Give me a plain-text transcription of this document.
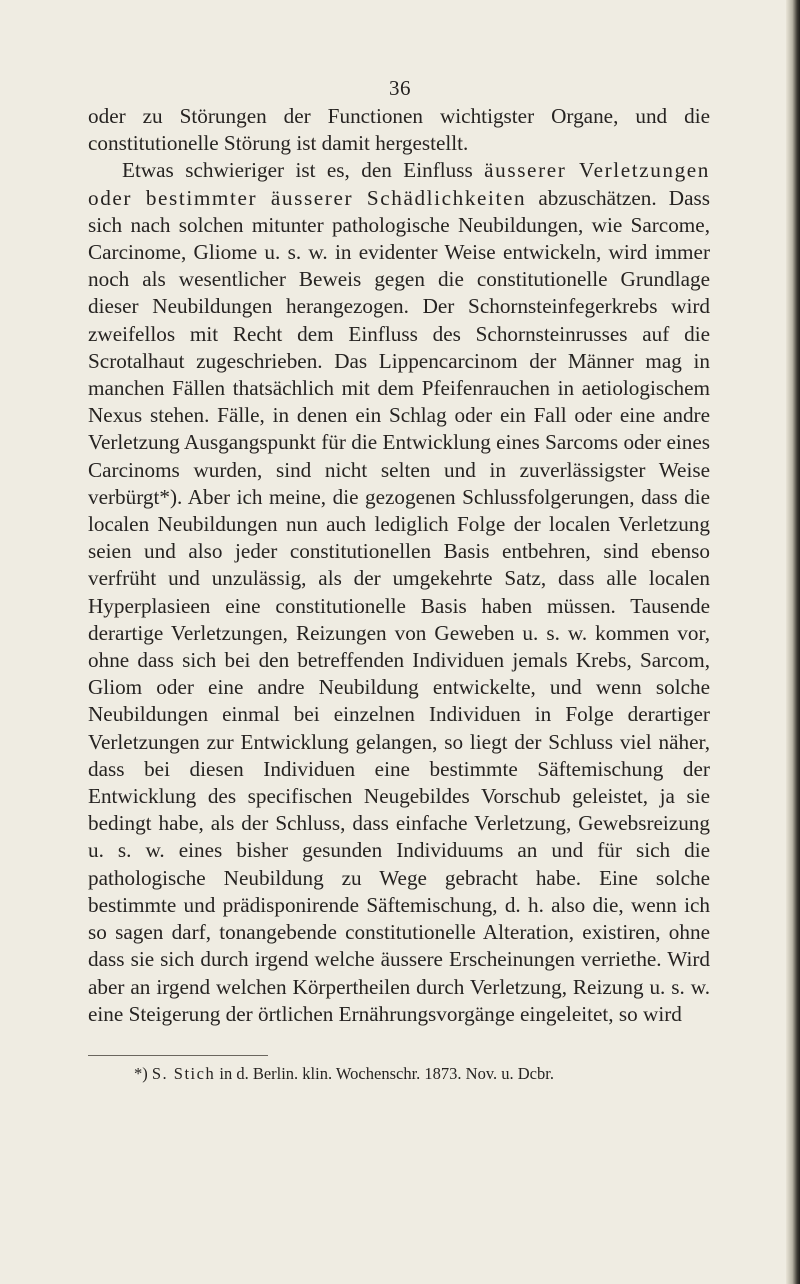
36

oder zu Störungen der Functionen wichtigster Organe, und die constitutionelle Störung ist damit hergestellt.

Etwas schwieriger ist es, den Einfluss äusserer Verletzungen oder bestimmter äusserer Schädlichkeiten abzuschätzen. Dass sich nach solchen mitunter pathologische Neubildungen, wie Sarcome, Carcinome, Gliome u. s. w. in evidenter Weise entwickeln, wird immer noch als wesentlicher Beweis gegen die constitutionelle Grundlage dieser Neubildungen herangezogen. Der Schornsteinfegerkrebs wird zweifellos mit Recht dem Einfluss des Schornsteinrusses auf die Scrotalhaut zugeschrieben. Das Lippencarcinom der Männer mag in manchen Fällen thatsächlich mit dem Pfeifenrauchen in aetiologischem Nexus stehen. Fälle, in denen ein Schlag oder ein Fall oder eine andre Verletzung Ausgangspunkt für die Entwicklung eines Sarcoms oder eines Carcinoms wurden, sind nicht selten und in zuverlässigster Weise verbürgt*). Aber ich meine, die gezogenen Schlussfolgerungen, dass die localen Neubildungen nun auch lediglich Folge der localen Verletzung seien und also jeder constitutionellen Basis entbehren, sind ebenso verfrüht und unzulässig, als der umgekehrte Satz, dass alle localen Hyperplasieen eine constitutionelle Basis haben müssen. Tausende derartige Verletzungen, Reizungen von Geweben u. s. w. kommen vor, ohne dass sich bei den betreffenden Individuen jemals Krebs, Sarcom, Gliom oder eine andre Neubildung entwickelte, und wenn solche Neubildungen einmal bei einzelnen Individuen in Folge derartiger Verletzungen zur Entwicklung gelangen, so liegt der Schluss viel näher, dass bei diesen Individuen eine bestimmte Säftemischung der Entwicklung des specifischen Neugebildes Vorschub geleistet, ja sie bedingt habe, als der Schluss, dass einfache Verletzung, Gewebsreizung u. s. w. eines bisher gesunden Individuums an und für sich die pathologische Neubildung zu Wege gebracht habe. Eine solche bestimmte und prädisponirende Säftemischung, d. h. also die, wenn ich so sagen darf, tonangebende constitutionelle Alteration, existiren, ohne dass sie sich durch irgend welche äussere Erscheinungen verriethe. Wird aber an irgend welchen Körpertheilen durch Verletzung, Reizung u. s. w. eine Steigerung der örtlichen Ernährungsvorgänge eingeleitet, so wird

*) S. Stich in d. Berlin. klin. Wochenschr. 1873. Nov. u. Dcbr.
